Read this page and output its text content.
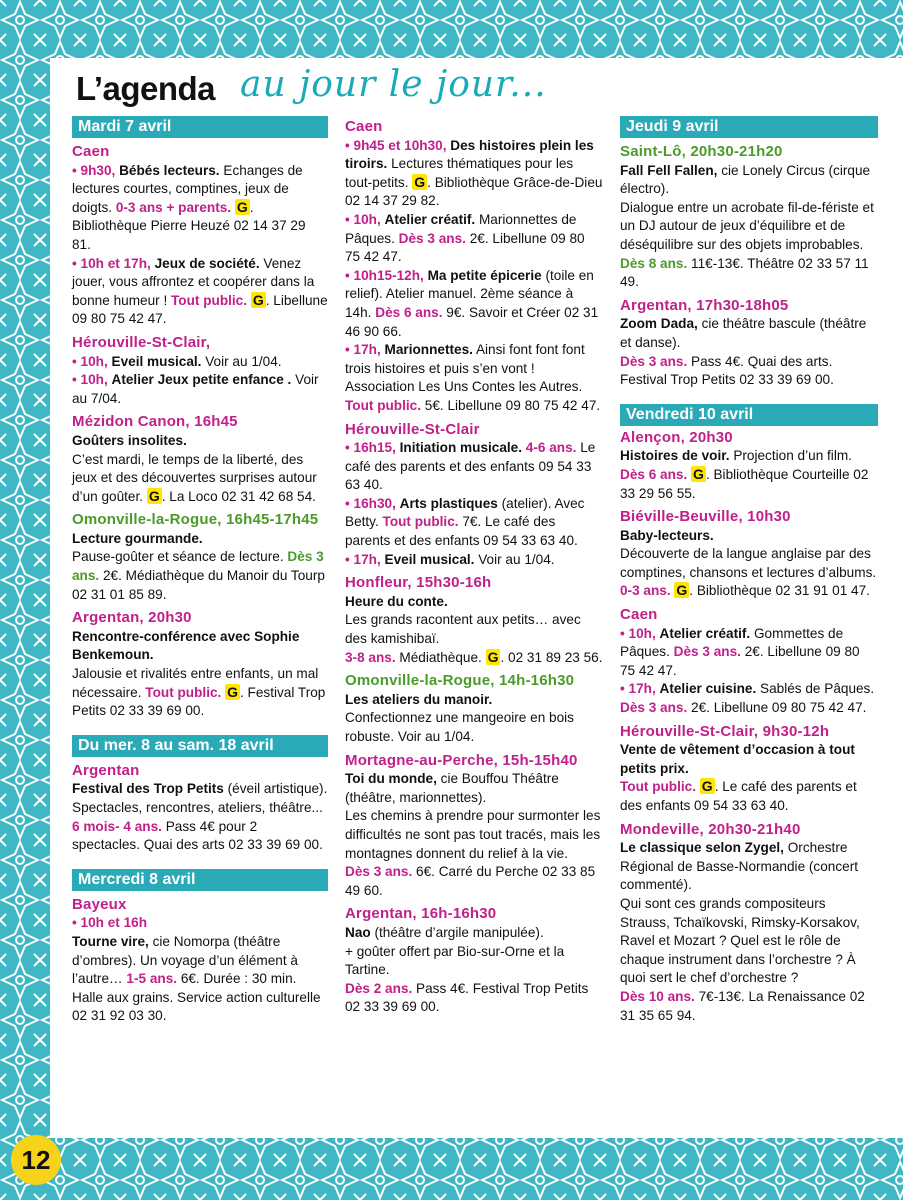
L’agenda au jour le jour...
Mardi 7 avril
Caen

• 9h30, Bébés lecteurs. Echanges de lectures courtes, comptines, jeux de doigts. 0-3 ans + parents. G . Bibliothèque Pierre Heuzé 02 14 37 29 81.

• 10h et 17h, Jeux de société. Venez jouer, vous affrontez et coopérer dans la bonne humeur ! Tout public. G . Libellune 09 80 75 42 47.

Hérouville-St-Clair,

• 10h, Eveil musical. Voir au 1/04.

• 10h, Atelier Jeux petite enfance . Voir au 7/04.

Mézidon Canon, 16h45

Goûters insolites.
C’est mardi, le temps de la liberté, des jeux et des découvertes surprises autour d’un goûter. G . La Loco 02 31 42 68 54.

Omonville-la-Rogue, 16h45-17h45

Lecture gourmande.
Pause-goûter et séance de lecture. Dès 3 ans. 2€. Médiathèque du Manoir du Tourp 02 31 01 85 89.

Argentan, 20h30

Rencontre-conférence avec Sophie Benkemoun.
Jalousie et rivalités entre enfants, un mal nécessaire. Tout public. G . Festival Trop Petits 02 33 39 69 00.

Du mer. 8 au sam. 18 avril
Argentan

Festival des Trop Petits (éveil artistique).
Spectacles, rencontres, ateliers, théâtre...
6 mois- 4 ans. Pass 4€ pour 2 spectacles. Quai des arts 02 33 39 69 00.

Mercredi 8 avril
Bayeux

• 10h et 16h
Tourne vire, cie Nomorpa (théâtre d’ombres). Un voyage d’un élément à l’autre… 1-5 ans. 6€. Durée : 30 min. Halle aux grains. Service action culturelle 02 31 92 03 30.

Caen

• 9h45 et 10h30, Des histoires plein les tiroirs. Lectures thématiques pour les tout-petits. G . Bibliothèque Grâce-de-Dieu 02 14 37 29 82.

• 10h, Atelier créatif. Marionnettes de Pâques. Dès 3 ans. 2€. Libellune 09 80 75 42 47.

• 10h15-12h, Ma petite épicerie (toile en relief). Atelier manuel. 2ème séance à 14h. Dès 6 ans. 9€. Savoir et Créer 02 31 46 90 66.

• 17h, Marionnettes. Ainsi font font font trois histoires et puis s’en vont ! Association Les Uns Contes les Autres. Tout public. 5€. Libellune 09 80 75 42 47.

Hérouville-St-Clair

• 16h15, Initiation musicale. 4-6 ans. Le café des parents et des enfants 09 54 33 63 40.

• 16h30, Arts plastiques (atelier). Avec Betty. Tout public. 7€. Le café des parents et des enfants 09 54 33 63 40.

• 17h, Eveil musical. Voir au 1/04.

Honfleur, 15h30-16h

Heure du conte.
Les grands racontent aux petits… avec des kamishibaï.
3-8 ans. Médiathèque. G . 02 31 89 23 56.

Omonville-la-Rogue, 14h-16h30

Les ateliers du manoir.
Confectionnez une mangeoire en bois robuste. Voir au 1/04.

Mortagne-au-Perche, 15h-15h40

Toi du monde, cie Bouffou Théâtre (théâtre, marionnettes).
Les chemins à prendre pour surmonter les difficultés ne sont pas tout tracés, mais les montagnes donnent du relief à la vie.
Dès 3 ans. 6€. Carré du Perche 02 33 85 49 60.

Argentan, 16h-16h30

Nao (théâtre d’argile manipulée).
+ goûter offert par Bio-sur-Orne et la Tartine.
Dès 2 ans. Pass 4€. Festival Trop Petits 02 33 39 69 00.

Jeudi 9 avril
Saint-Lô, 20h30-21h20

Fall Fell Fallen, cie Lonely Circus (cirque électro).
Dialogue entre un acrobate fil-de-fériste et un DJ autour de jeux d’équilibre et de déséquilibre sur des objets improbables.
Dès 8 ans. 11€-13€. Théâtre 02 33 57 11 49.

Argentan, 17h30-18h05

Zoom Dada, cie théâtre bascule (théâtre et danse).
Dès 3 ans. Pass 4€. Quai des arts. Festival Trop Petits 02 33 39 69 00.

Vendredi 10 avril
Alençon, 20h30

Histoires de voir. Projection d’un film.
Dès 6 ans. G . Bibliothèque Courteille 02 33 29 56 55.

Biéville-Beuville, 10h30

Baby-lecteurs.
Découverte de la langue anglaise par des comptines, chansons et lectures d’albums.
0-3 ans. G . Bibliothèque 02 31 91 01 47.

Caen

• 10h, Atelier créatif. Gommettes de Pâques. Dès 3 ans. 2€. Libellune 09 80 75 42 47.

• 17h, Atelier cuisine. Sablés de Pâques. Dès 3 ans. 2€. Libellune 09 80 75 42 47.

Hérouville-St-Clair, 9h30-12h

Vente de vêtement d’occasion à tout petits prix.
Tout public. G . Le café des parents et des enfants 09 54 33 63 40.

Mondeville, 20h30-21h40

Le classique selon Zygel, Orchestre Régional de Basse-Normandie (concert commenté).
Qui sont ces grands compositeurs Strauss, Tchaïkovski, Rimsky-Korsakov, Ravel et Mozart ? Quel est le rôle de chaque instrument dans l’orchestre ? À quoi sert le chef d’orchestre ?
Dès 10 ans. 7€-13€. La Renaissance 02 31 35 65 94.

12
